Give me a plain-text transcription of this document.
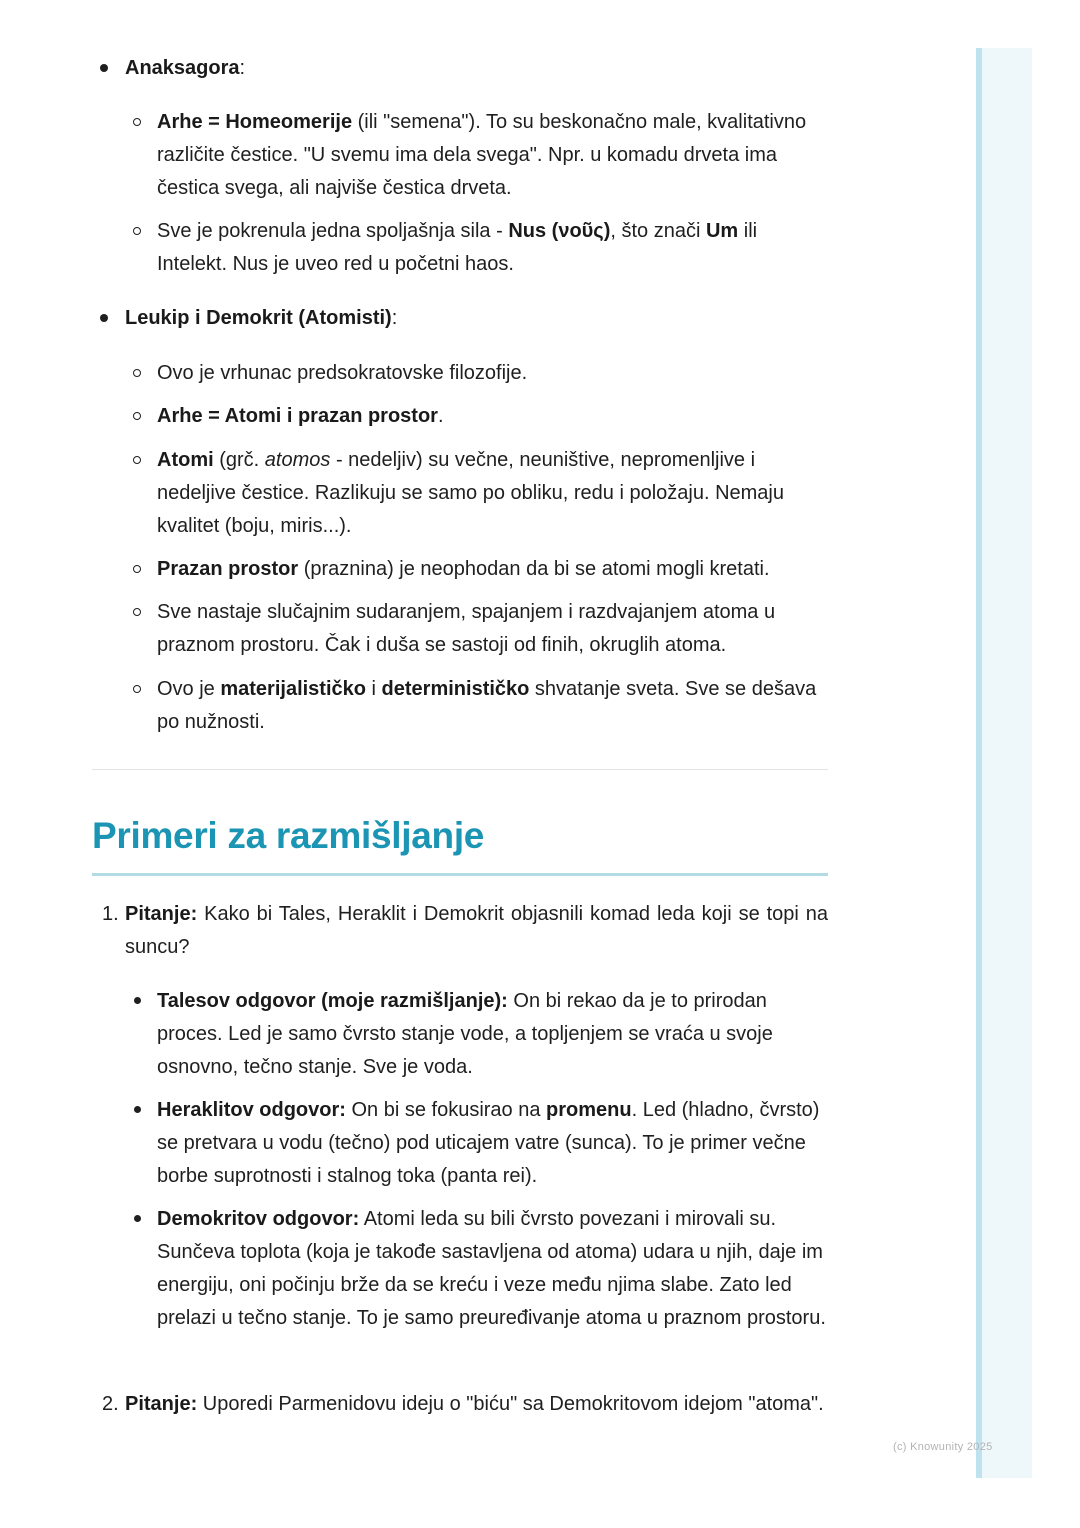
Anaksagora:
Arhe = Homeomerije (ili "semena"). To su beskonačno male, kvalitativno različite čestice. "U svemu ima dela svega". Npr. u komadu drveta ima čestica svega, ali najviše čestica drveta.
Sve je pokrenula jedna spoljašnja sila - Nus (νοῦς), što znači Um ili Intelekt. Nus je uveo red u početni haos.
Leukip i Demokrit (Atomisti):
Ovo je vrhunac predsokratovske filozofije.
Arhe = Atomi i prazan prostor.
Atomi (grč. atomos - nedeljiv) su večne, neuništive, nepromenljive i nedeljive čestice. Razlikuju se samo po obliku, redu i položaju. Nemaju kvalitet (boju, miris...).
Prazan prostor (praznina) je neophodan da bi se atomi mogli kretati.
Sve nastaje slučajnim sudaranjem, spajanjem i razdvajanjem atoma u praznom prostoru. Čak i duša se sastoji od finih, okruglih atoma.
Ovo je materijalističko i determinističko shvatanje sveta. Sve se dešava po nužnosti.
Primeri za razmišljanje
1. Pitanje: Kako bi Tales, Heraklit i Demokrit objasnili komad leda koji se topi na suncu?
Talesov odgovor (moje razmišljanje): On bi rekao da je to prirodan proces. Led je samo čvrsto stanje vode, a topljenjem se vraća u svoje osnovno, tečno stanje. Sve je voda.
Heraklitov odgovor: On bi se fokusirao na promenu. Led (hladno, čvrsto) se pretvara u vodu (tečno) pod uticajem vatre (sunca). To je primer večne borbe suprotnosti i stalnog toka (panta rei).
Demokritov odgovor: Atomi leda su bili čvrsto povezani i mirovali su. Sunčeva toplota (koja je takođe sastavljena od atoma) udara u njih, daje im energiju, oni počinju brže da se kreću i veze među njima slabe. Zato led prelazi u tečno stanje. To je samo preuređivanje atoma u praznom prostoru.
2. Pitanje: Uporedi Parmenidovu ideju o "biću" sa Demokritovom idejom "atoma".
(c) Knowunity 2025
